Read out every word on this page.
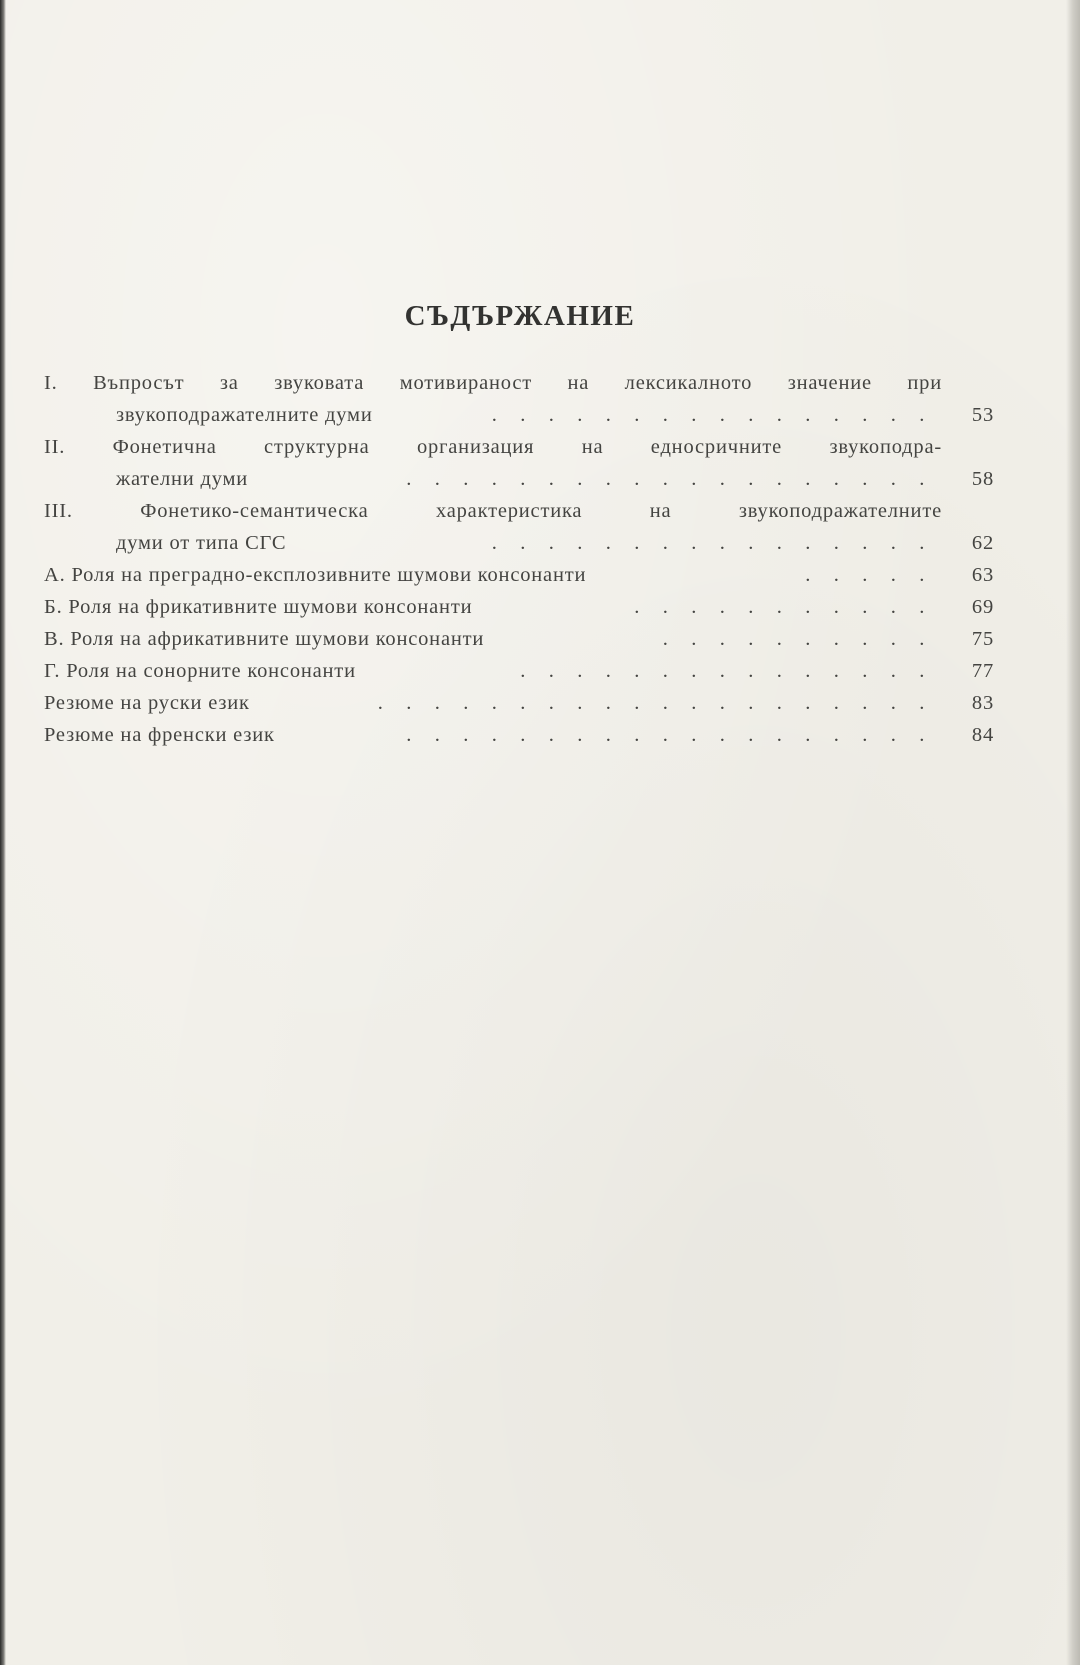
СЪДЪРЖАНИЕ
I. Въпросът за звуковата мотивираност на лексикалното значение при
звукоподражателните думи	. . . . . . . . . . . . . . . .	53
II. Фонетична структурна организация на едносричните звукоподра-
жателни думи	. . . . . . . . . . . . . . . . . . .	58
III. Фонетико-семантическа характеристика на звукоподражателните
думи от типа СГС	. . . . . . . . . . . . . . . .	62
А. Роля на преградно-експлозивните шумови консонанти	. . . . .	63
Б. Роля на фрикативните шумови консонанти	. . . . . . . . . . .	69
В. Роля на африкативните шумови консонанти	. . . . . . . . . .	75
Г. Роля на сонорните консонанти	. . . . . . . . . . . . . . .	77
Резюме на руски език	. . . . . . . . . . . . . . . . . . . .	83
Резюме на френски език	. . . . . . . . . . . . . . . . . . .	84
